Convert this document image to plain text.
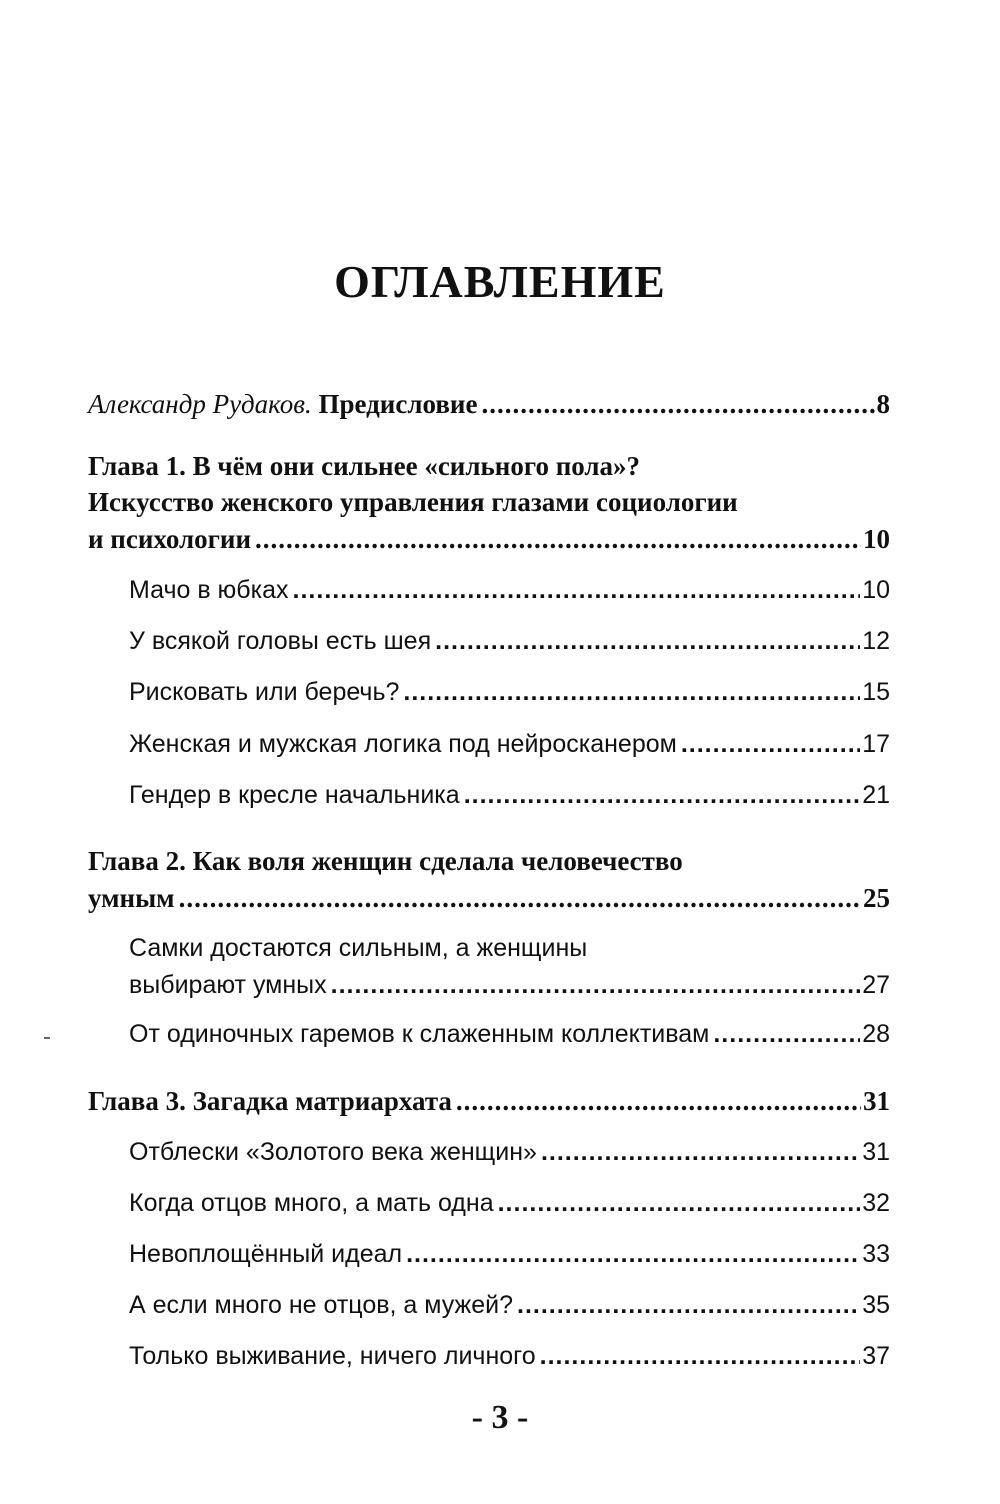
ОГЛАВЛЕНИЕ
Александр Рудаков. Предисловие .....	8
Глава 1. В чём они сильнее «сильного пола»?
Искусство женского управления глазами социологии
и психологии .....	10
Мачо в юбках .....	10
У всякой головы есть шея .....	12
Рисковать или беречь? .....	15
Женская и мужская логика под нейросканером .....	17
Гендер в кресле начальника .....	21
Глава 2. Как воля женщин сделала человечество
умным .....	25
Самки достаются сильным, а женщины
выбирают умных .....	27
От одиночных гаремов к слаженным коллективам .....	28
Глава 3. Загадка матриархата .....	31
Отблески «Золотого века женщин» .....	31
Когда отцов много, а мать одна .....	32
Невоплощённый идеал .....	33
А если много не отцов, а мужей? .....	35
Только выживание, ничего личного .....	37
- 3 -
